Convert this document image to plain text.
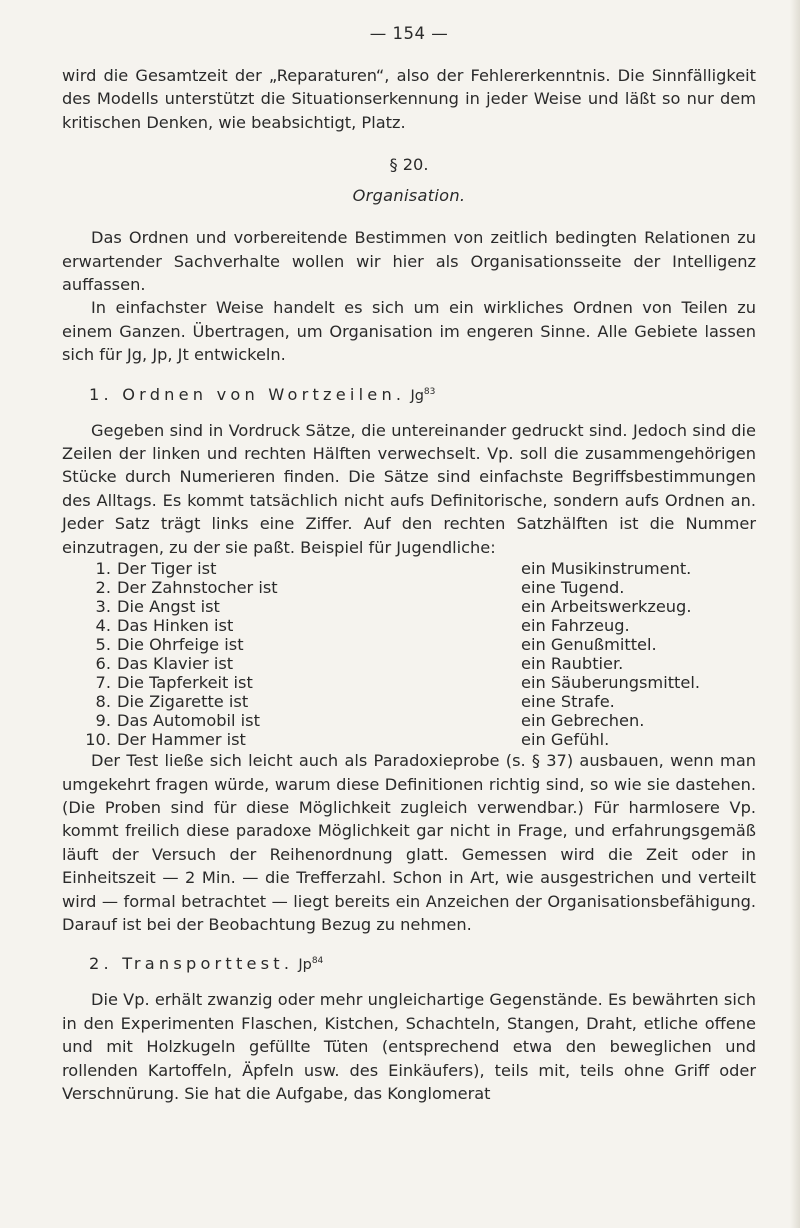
— 154 —

wird die Gesamtzeit der „Reparaturen“, also der Fehlererkenntnis. Die Sinnfälligkeit des Modells unterstützt die Situationserkennung in jeder Weise und läßt so nur dem kritischen Denken, wie beabsichtigt, Platz.

§ 20.
Organisation.

Das Ordnen und vorbereitende Bestimmen von zeitlich bedingten Relationen zu erwartender Sachverhalte wollen wir hier als Organisationsseite der Intelligenz auffassen.

In einfachster Weise handelt es sich um ein wirkliches Ordnen von Teilen zu einem Ganzen. Übertragen, um Organisation im engeren Sinne. Alle Gebiete lassen sich für Jg, Jp, Jt entwickeln.

1. Ordnen von Wortzeilen. Jg$^{83}$

Gegeben sind in Vordruck Sätze, die untereinander gedruckt sind. Jedoch sind die Zeilen der linken und rechten Hälften verwechselt. Vp. soll die zusammengehörigen Stücke durch Numerieren finden. Die Sätze sind einfachste Begriffsbestimmungen des Alltags. Es kommt tatsächlich nicht aufs Definitorische, sondern aufs Ordnen an. Jeder Satz trägt links eine Ziffer. Auf den rechten Satzhälften ist die Nummer einzutragen, zu der sie paßt. Beispiel für Jugendliche:

1. Der Tiger ist
2. Der Zahnstocher ist
3. Die Angst ist
4. Das Hinken ist
5. Die Ohrfeige ist
6. Das Klavier ist
7. Die Tapferkeit ist
8. Die Zigarette ist
9. Das Automobil ist
10. Der Hammer ist
ein Musikinstrument.
eine Tugend.
ein Arbeitswerkzeug.
ein Fahrzeug.
ein Genußmittel.
ein Raubtier.
ein Säuberungsmittel.
eine Strafe.
ein Gebrechen.
ein Gefühl.

Der Test ließe sich leicht auch als Paradoxieprobe (s. § 37) ausbauen, wenn man umgekehrt fragen würde, warum diese Definitionen richtig sind, so wie sie dastehen. (Die Proben sind für diese Möglichkeit zugleich verwendbar.) Für harmlosere Vp. kommt freilich diese paradoxe Möglichkeit gar nicht in Frage, und erfahrungsgemäß läuft der Versuch der Reihenordnung glatt. Gemessen wird die Zeit oder in Einheitszeit — 2 Min. — die Trefferzahl. Schon in Art, wie ausgestrichen und verteilt wird — formal betrachtet — liegt bereits ein Anzeichen der Organisationsbefähigung. Darauf ist bei der Beobachtung Bezug zu nehmen.

2. Transporttest. Jp$^{84}$

Die Vp. erhält zwanzig oder mehr ungleichartige Gegenstände. Es bewährten sich in den Experimenten Flaschen, Kistchen, Schachteln, Stangen, Draht, etliche offene und mit Holzkugeln gefüllte Tüten (entsprechend etwa den beweglichen und rollenden Kartoffeln, Äpfeln usw. des Einkäufers), teils mit, teils ohne Griff oder Verschnürung. Sie hat die Aufgabe, das Konglomerat
